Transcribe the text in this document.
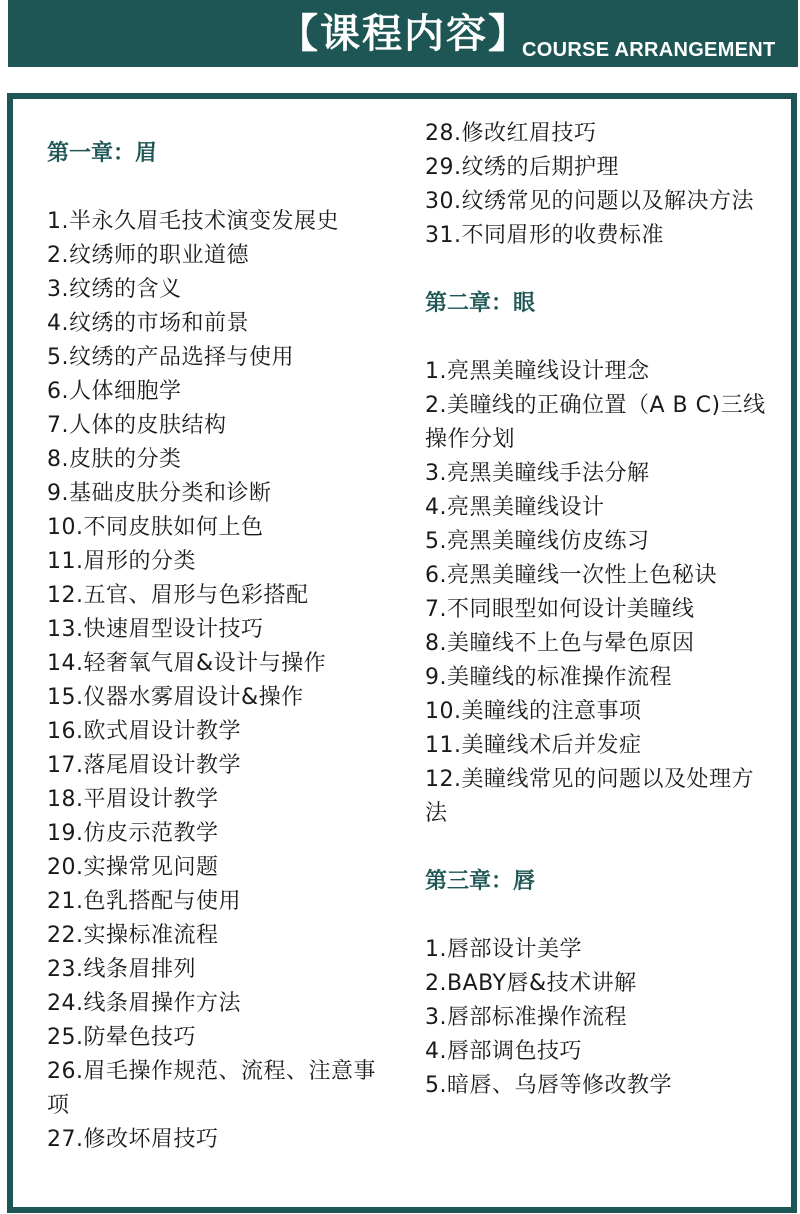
【课程内容】
COURSE ARRANGEMENT
第一章：眉
1.半永久眉毛技术演变发展史
2.纹绣师的职业道德
3.纹绣的含义
4.纹绣的市场和前景
5.纹绣的产品选择与使用
6.人体细胞学
7.人体的皮肤结构
8.皮肤的分类
9.基础皮肤分类和诊断
10.不同皮肤如何上色
11.眉形的分类
12.五官、眉形与色彩搭配
13.快速眉型设计技巧
14.轻奢氧气眉&设计与操作
15.仪器水雾眉设计&操作
16.欧式眉设计教学
17.落尾眉设计教学
18.平眉设计教学
19.仿皮示范教学
20.实操常见问题
21.色乳搭配与使用
22.实操标准流程
23.线条眉排列
24.线条眉操作方法
25.防晕色技巧
26.眉毛操作规范、流程、注意事项
27.修改坏眉技巧
28.修改红眉技巧
29.纹绣的后期护理
30.纹绣常见的问题以及解决方法
31.不同眉形的收费标准
第二章：眼
1.亮黑美瞳线设计理念
2.美瞳线的正确位置（A B C)三线操作分划
3.亮黑美瞳线手法分解
4.亮黑美瞳线设计
5.亮黑美瞳线仿皮练习
6.亮黑美瞳线一次性上色秘诀
7.不同眼型如何设计美瞳线
8.美瞳线不上色与晕色原因
9.美瞳线的标准操作流程
10.美瞳线的注意事项
11.美瞳线术后并发症
12.美瞳线常见的问题以及处理方法
第三章：唇
1.唇部设计美学
2.BABY唇&技术讲解
3.唇部标准操作流程
4.唇部调色技巧
5.暗唇、乌唇等修改教学
